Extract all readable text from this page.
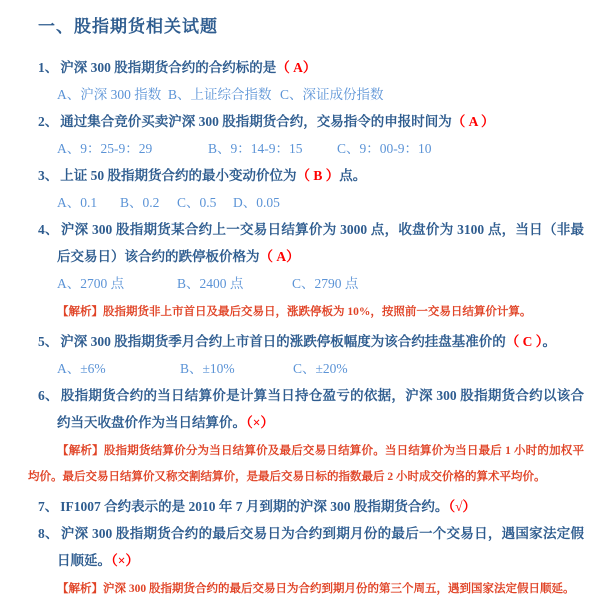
一、股指期货相关试题

1、 沪深 300 股指期货合约的合约标的是（ A）

A、沪深 300 指数 B、上证综合指数 C、深证成份指数

2、 通过集合竞价买卖沪深 300 股指期货合约，交易指令的申报时间为（ A ）

A、9：25-9：29	B、9：14-9：15	C、9：00-9：10

3、 上证 50 股指期货合约的最小变动价位为（ B ）点。

A、0.1	B、0.2	C、0.5	D、0.05

4、 沪深 300 股指期货某合约上一交易日结算价为 3000 点，收盘价为 3100 点，当日（非最后交易日）该合约的跌停板价格为（ A）

A、2700 点	B、2400 点	C、2790 点

【解析】股指期货非上市首日及最后交易日，涨跌停板为 10%，按照前一交易日结算价计算。

5、 沪深 300 股指期货季月合约上市首日的涨跌停板幅度为该合约挂盘基准价的（ C ）。

A、±6%	B、±10%	C、±20%

6、 股指期货合约的当日结算价是计算当日持仓盈亏的依据，沪深 300 股指期货合约以该合约当天收盘价作为当日结算价。（×）

【解析】股指期货结算价分为当日结算价及最后交易日结算价。当日结算价为当日最后 1 小时的加权平均价。最后交易日结算价又称交割结算价，是最后交易日标的指数最后 2 小时成交价格的算术平均价。

7、 IF1007 合约表示的是 2010 年 7 月到期的沪深 300 股指期货合约。（√）

8、 沪深 300 股指期货合约的最后交易日为合约到期月份的最后一个交易日，遇国家法定假日顺延。（×）

【解析】沪深 300 股指期货合约的最后交易日为合约到期月份的第三个周五，遇到国家法定假日顺延。
